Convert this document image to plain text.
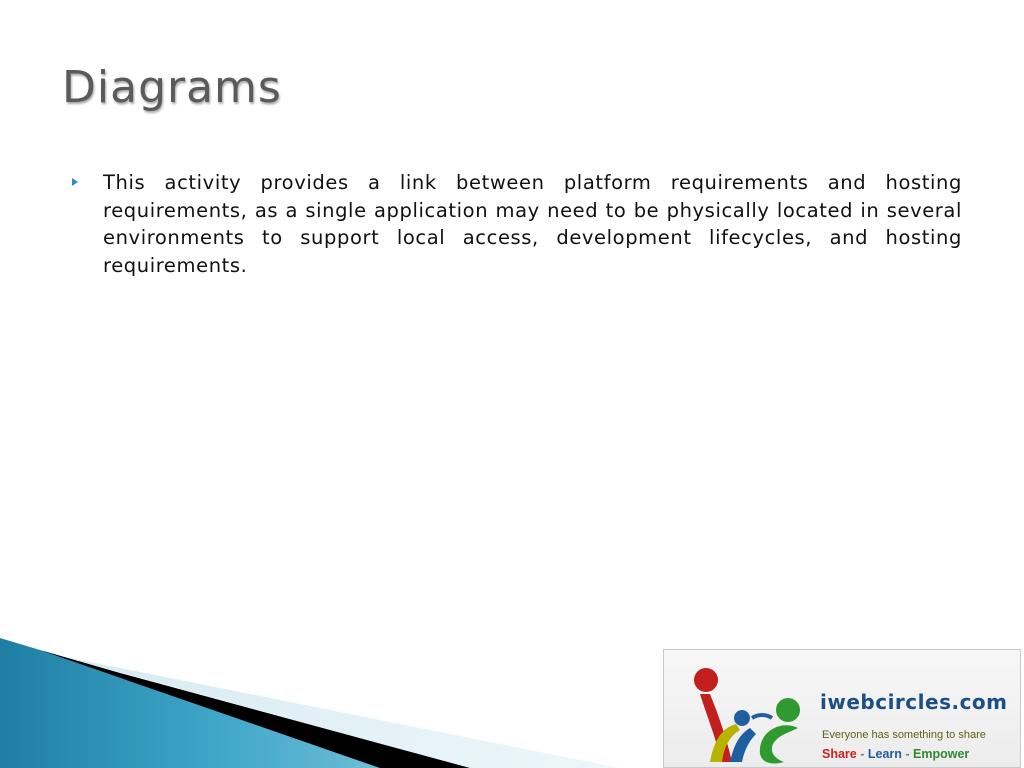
Diagrams
This activity provides a link between platform requirements and hosting requirements, as a single application may need to be physically located in several environments to support local access, development lifecycles, and hosting requirements.
iwebcircles.com
Everyone has something to share
Share - Learn - Empower
